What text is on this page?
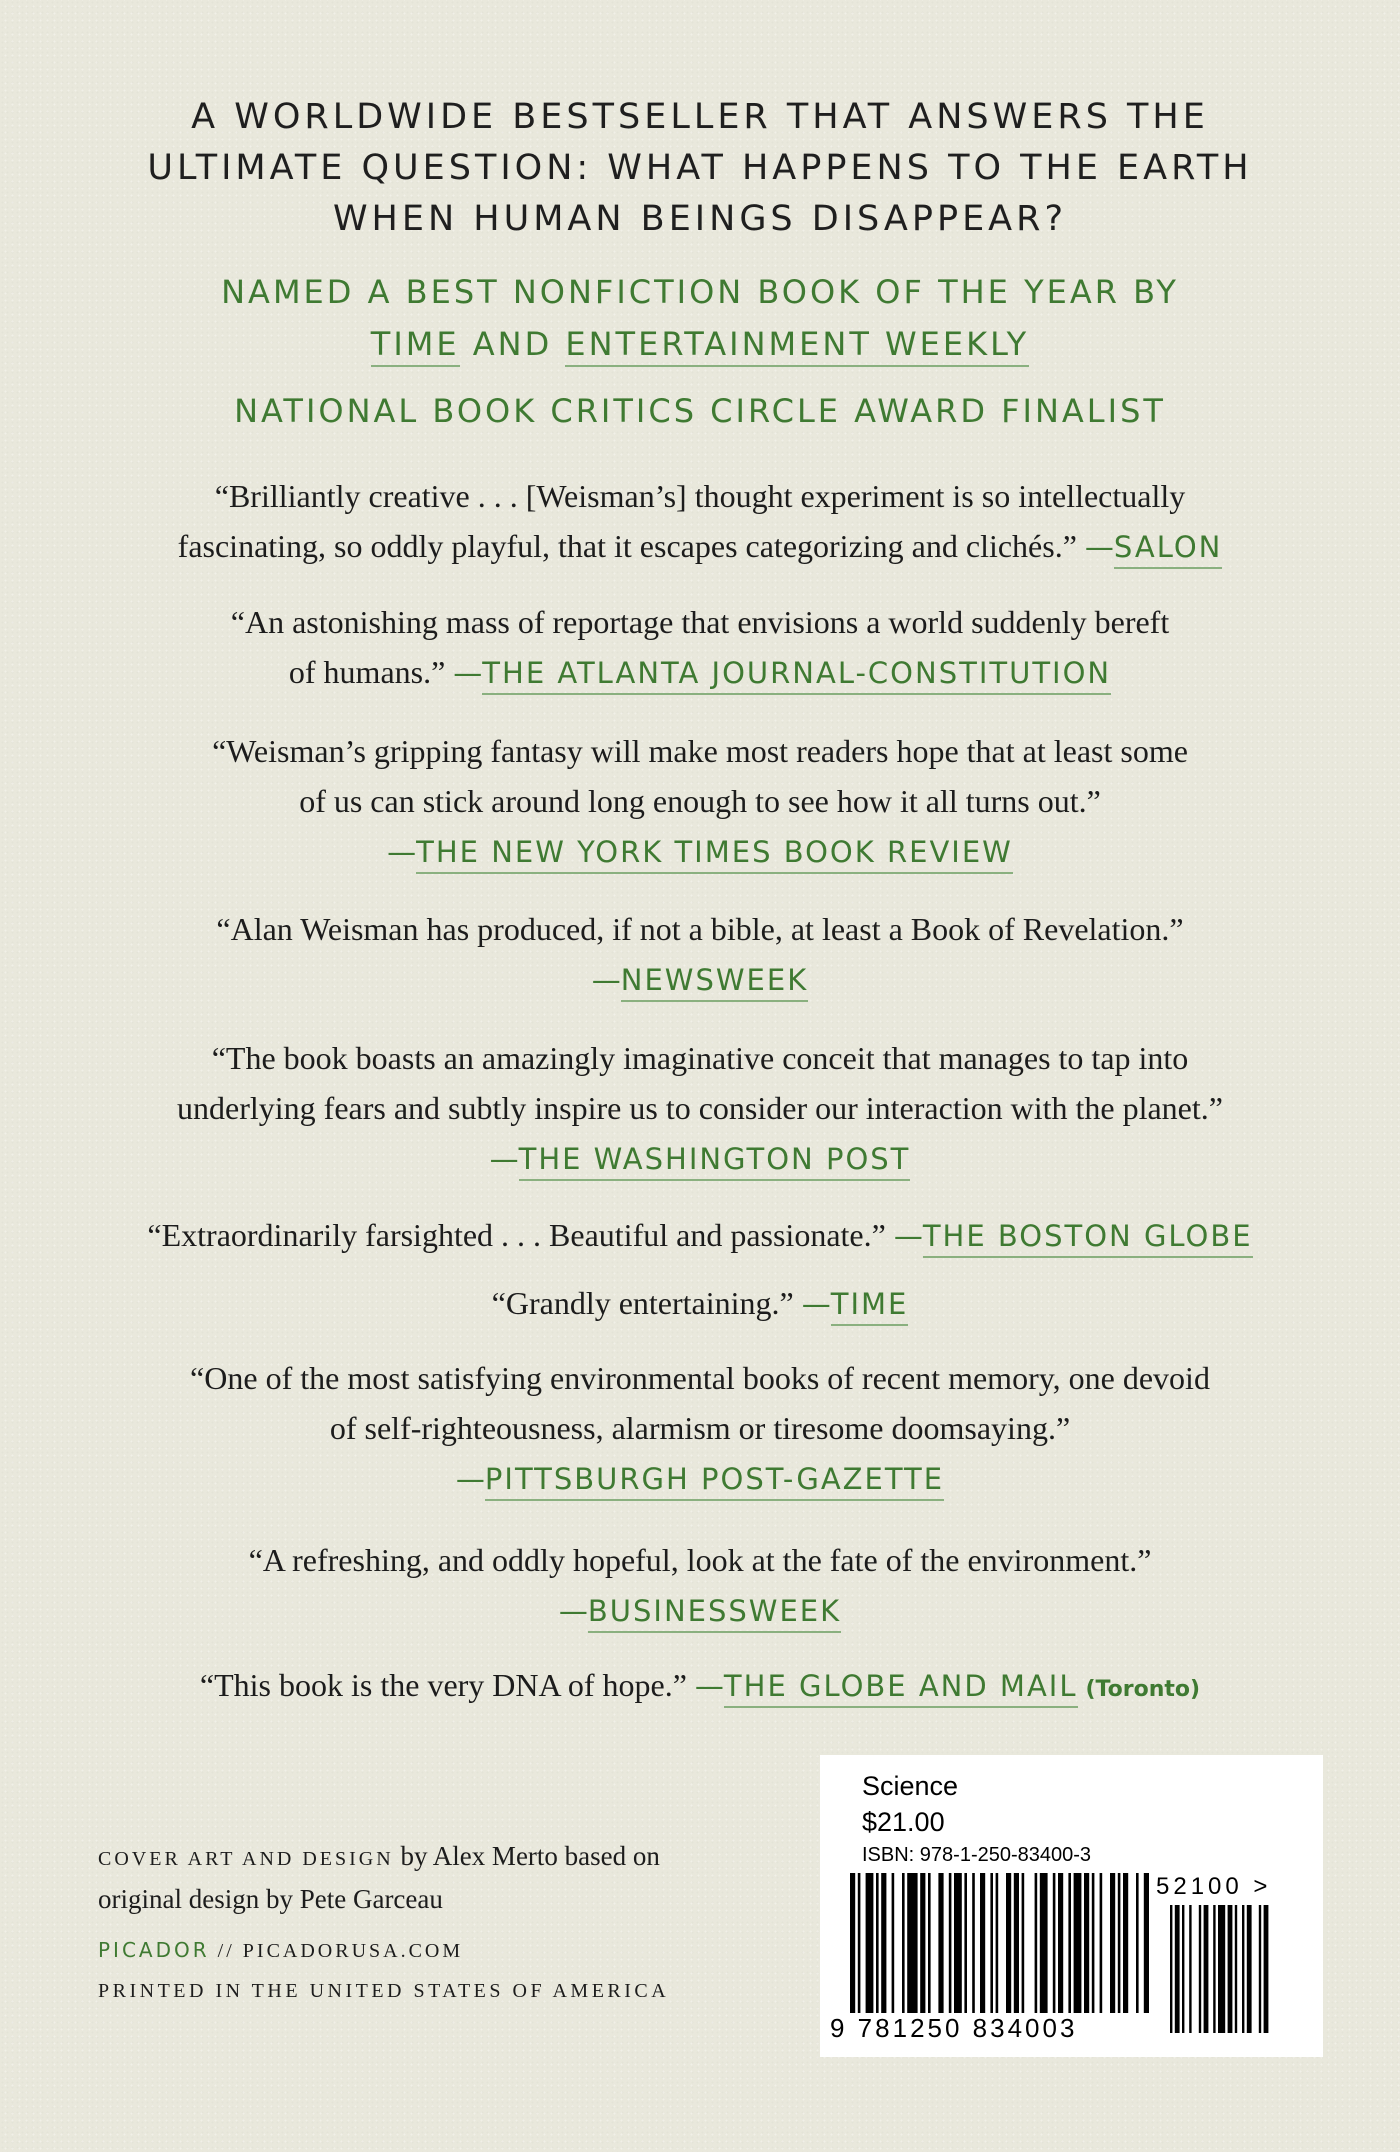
A WORLDWIDE BESTSELLER THAT ANSWERS THE
ULTIMATE QUESTION: WHAT HAPPENS TO THE EARTH
WHEN HUMAN BEINGS DISAPPEAR?
NAMED A BEST NONFICTION BOOK OF THE YEAR BY
TIME AND ENTERTAINMENT WEEKLY
NATIONAL BOOK CRITICS CIRCLE AWARD FINALIST
“Brilliantly creative . . . [Weisman’s] thought experiment is so intellectually
fascinating, so oddly playful, that it escapes categorizing and clichés.” —SALON
“An astonishing mass of reportage that envisions a world suddenly bereft
of humans.” —THE ATLANTA JOURNAL-CONSTITUTION
“Weisman’s gripping fantasy will make most readers hope that at least some
of us can stick around long enough to see how it all turns out.”
—THE NEW YORK TIMES BOOK REVIEW
“Alan Weisman has produced, if not a bible, at least a Book of Revelation.”
—NEWSWEEK
“The book boasts an amazingly imaginative conceit that manages to tap into
underlying fears and subtly inspire us to consider our interaction with the planet.”
—THE WASHINGTON POST
“Extraordinarily farsighted . . . Beautiful and passionate.” —THE BOSTON GLOBE
“Grandly entertaining.” —TIME
“One of the most satisfying environmental books of recent memory, one devoid
of self-righteousness, alarmism or tiresome doomsaying.”
—PITTSBURGH POST-GAZETTE
“A refreshing, and oddly hopeful, look at the fate of the environment.”
—BUSINESSWEEK
“This book is the very DNA of hope.” —THE GLOBE AND MAIL (Toronto)
COVER ART AND DESIGN by Alex Merto based on
original design by Pete Garceau
PICADOR // PICADORUSA.COM
PRINTED IN THE UNITED STATES OF AMERICA
Science
$21.00
ISBN: 978-1-250-83400-3
52100 >
9 781250 834003
